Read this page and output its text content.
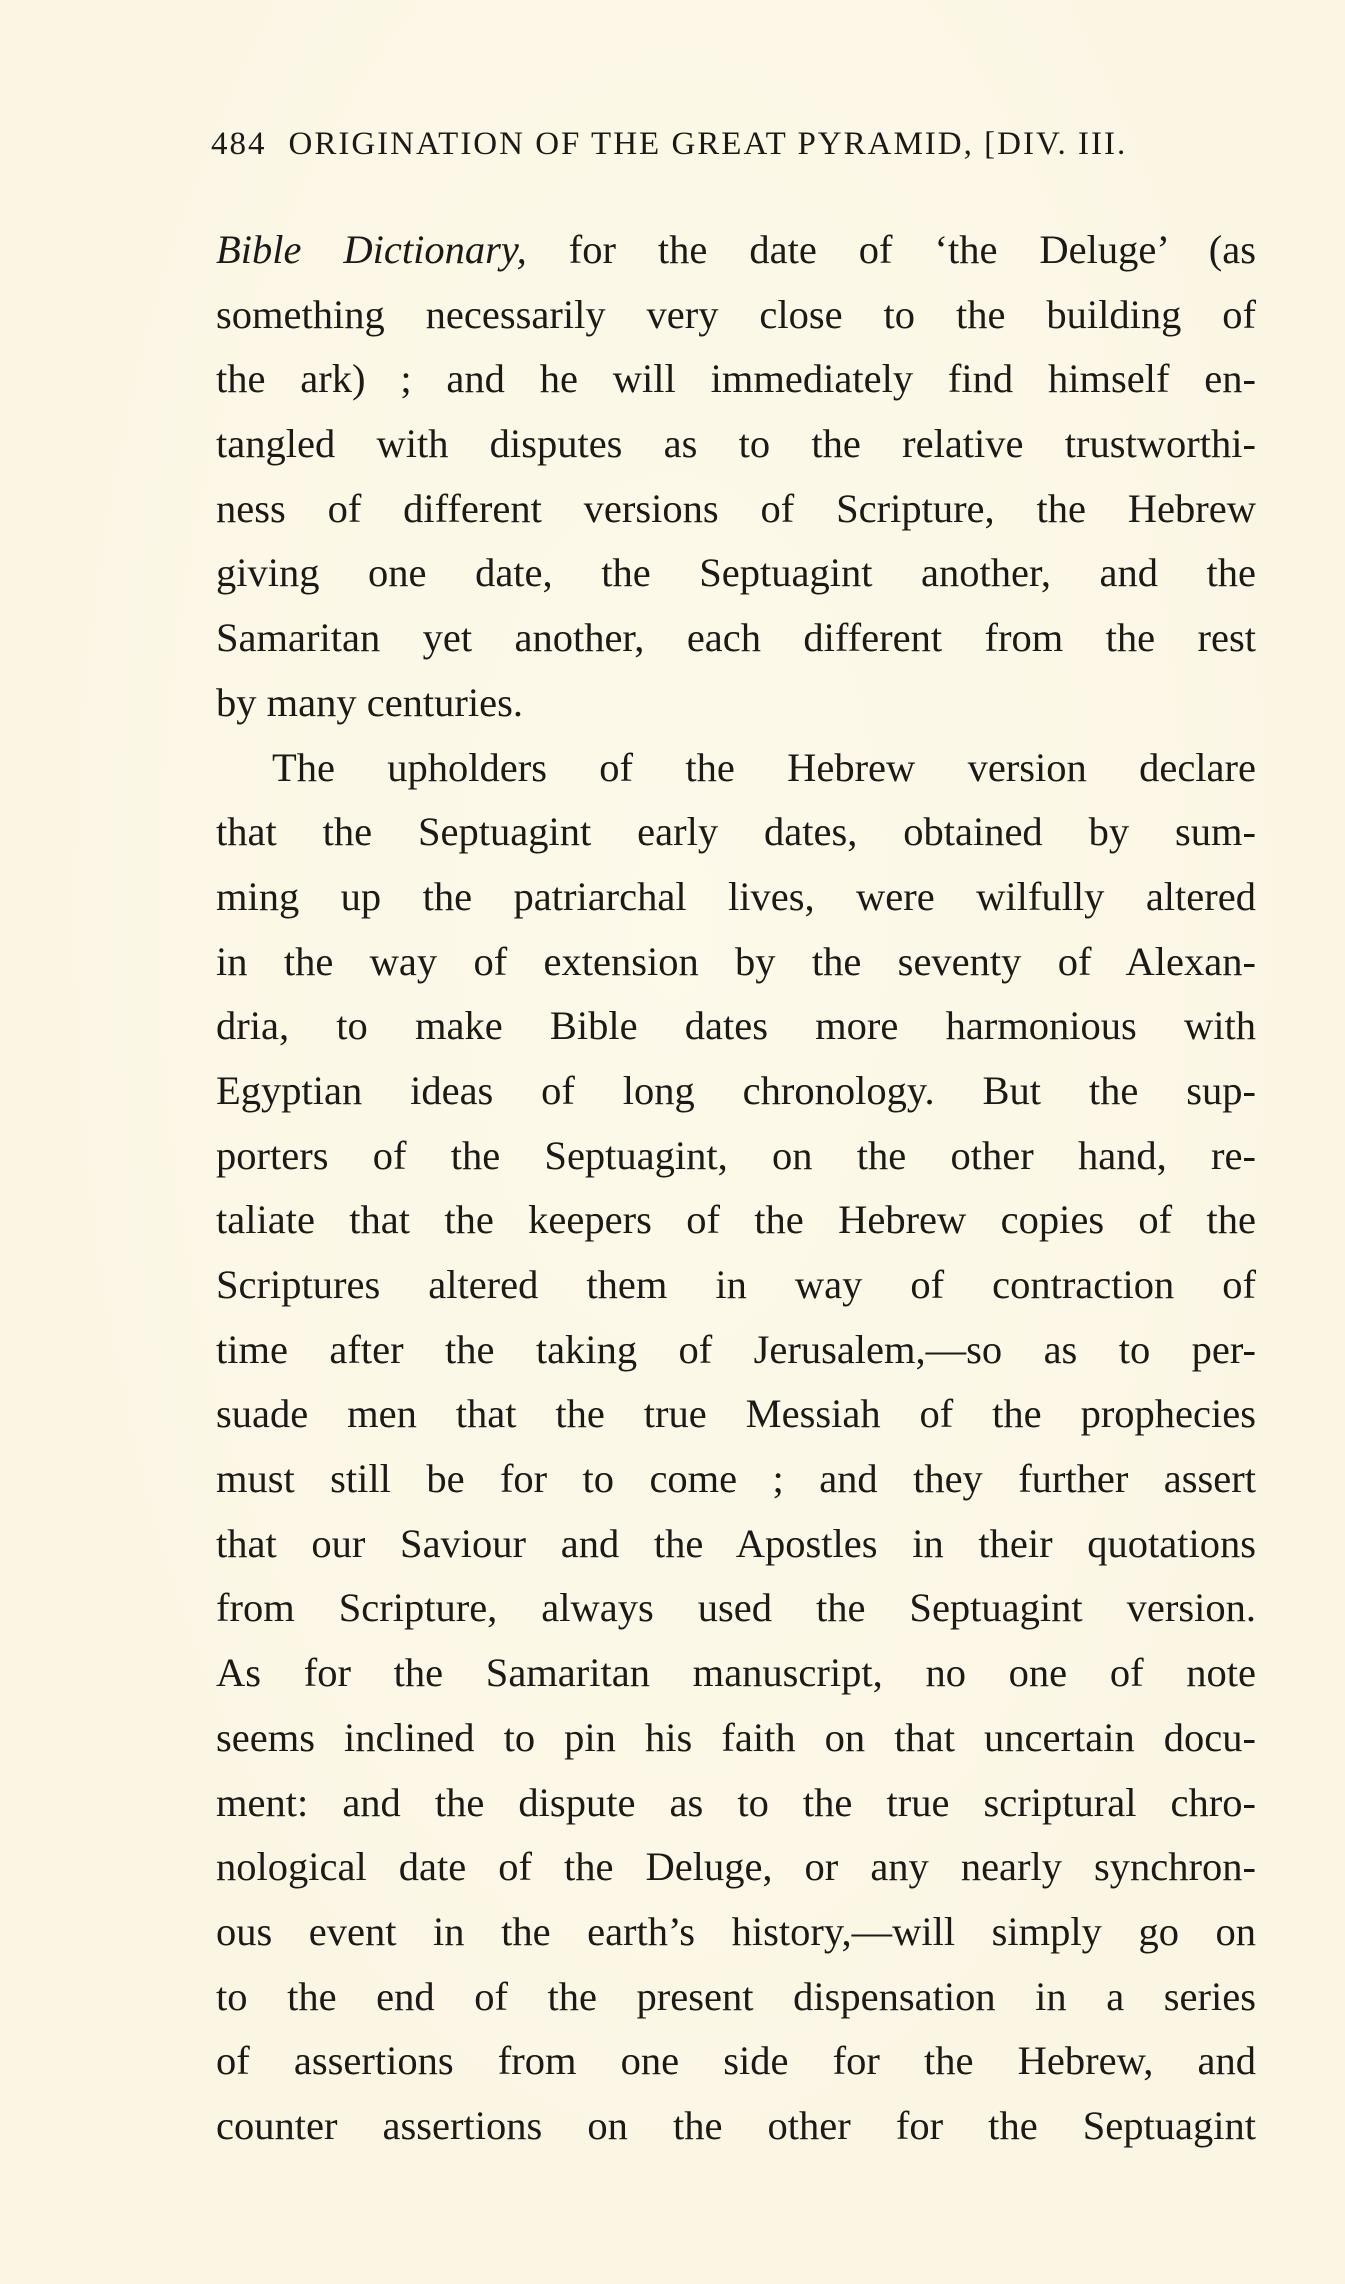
484 ORIGINATION OF THE GREAT PYRAMID, [DIV. III.
Bible Dictionary, for the date of ‘the Deluge’ (as
something necessarily very close to the building of
the ark) ; and he will immediately find himself en-
tangled with disputes as to the relative trustworthi-
ness of different versions of Scripture, the Hebrew
giving one date, the Septuagint another, and the
Samaritan yet another, each different from the rest
by many centuries.
The upholders of the Hebrew version declare
that the Septuagint early dates, obtained by sum-
ming up the patriarchal lives, were wilfully altered
in the way of extension by the seventy of Alexan-
dria, to make Bible dates more harmonious with
Egyptian ideas of long chronology. But the sup-
porters of the Septuagint, on the other hand, re-
taliate that the keepers of the Hebrew copies of the
Scriptures altered them in way of contraction of
time after the taking of Jerusalem,—so as to per-
suade men that the true Messiah of the prophecies
must still be for to come ; and they further assert
that our Saviour and the Apostles in their quotations
from Scripture, always used the Septuagint version.
As for the Samaritan manuscript, no one of note
seems inclined to pin his faith on that uncertain docu-
ment: and the dispute as to the true scriptural chro-
nological date of the Deluge, or any nearly synchron-
ous event in the earth’s history,—will simply go on
to the end of the present dispensation in a series
of assertions from one side for the Hebrew, and
counter assertions on the other for the Septuagint
